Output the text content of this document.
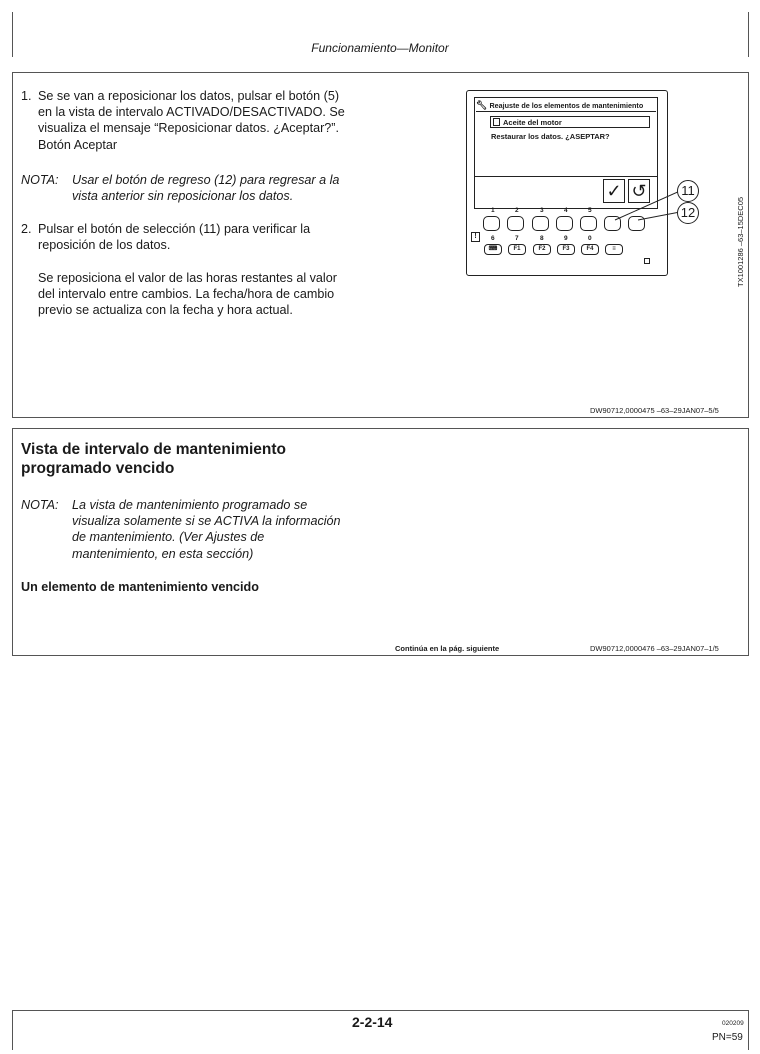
Funcionamiento—Monitor
1. Se se van a reposicionar los datos, pulsar el botón (5)
en la vista de intervalo ACTIVADO/DESACTIVADO. Se
visualiza el mensaje “Reposicionar datos. ¿Aceptar?”.
Botón Aceptar
NOTA: Usar el botón de regreso (12) para regresar a la
vista anterior sin reposicionar los datos.
2. Pulsar el botón de selección (11) para verificar la
reposición de los datos.
Se reposiciona el valor de las horas restantes al valor
del intervalo entre cambios. La fecha/hora de cambio
previo se actualiza con la fecha y hora actual.
🔧︎ Reajuste de los elementos de mantenimiento
Aceite del motor
Restaurar los datos. ¿ASEPTAR?
✓ ↺
1	2	3	4	5
!	6	7	8	9	0
⌨	F1	F2	F3	F4	≡
11
12	TX1001286 –63–15DEC05
DW90712,0000475 –63–29JAN07–5/5
Vista de intervalo de mantenimiento
programado vencido
NOTA: La vista de mantenimiento programado se
visualiza solamente si se ACTIVA la información
de mantenimiento. (Ver Ajustes de
mantenimiento, en esta sección)
Un elemento de mantenimiento vencido
Continúa en la pág. siguiente	DW90712,0000476 –63–29JAN07–1/5
2-2-14	020209
PN=59
